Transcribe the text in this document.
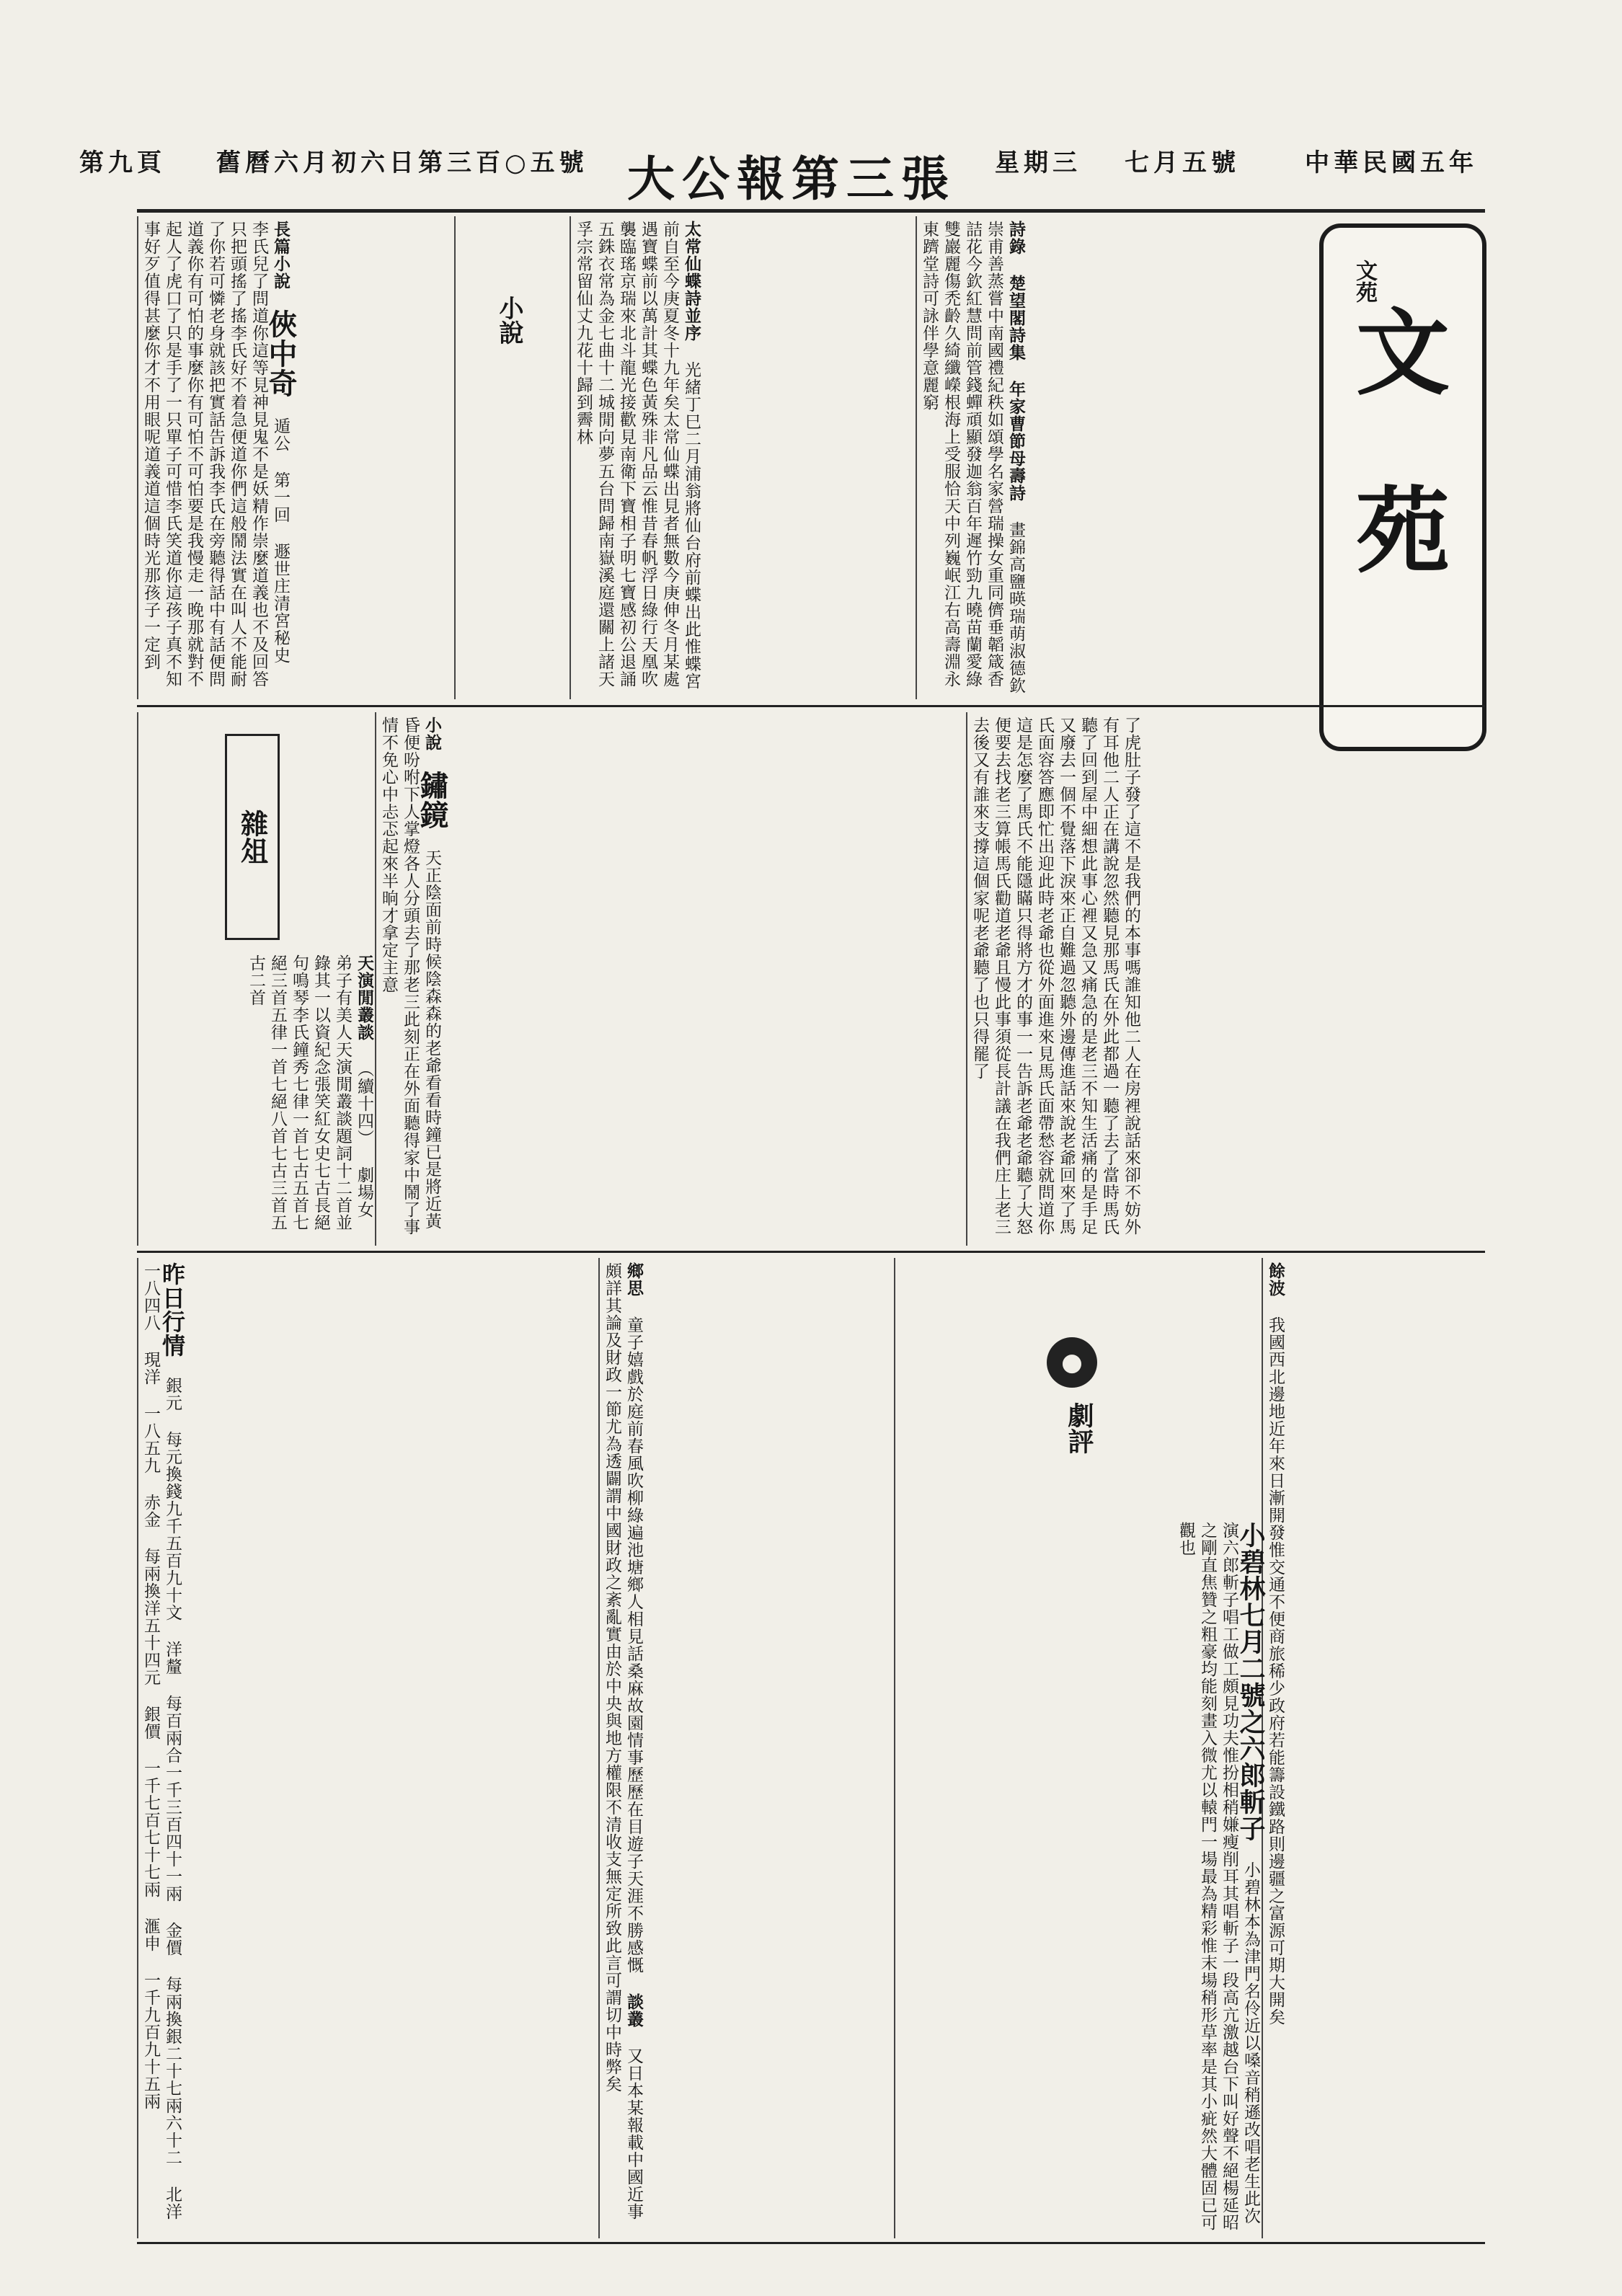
中華民國五年
七月五號
星期三
第三百○五號
舊曆六月初六日
第九頁	大公報第三張
文
苑
文苑

詩錄 楚望閣詩集 年家曹節母壽詩 畫錦高鹽暎瑞萌淑德欽崇甫善蒸嘗中南國禮紀秩如頌學名家營瑞操女重同儕垂韜箴香詰花今欽紅慧問前管錢蟬頑顯發迦翁百年遲竹勁九曉苗蘭愛綠雙巖麗傷禿齡久綺纖嶸根海上受服恰天中列巍岷江右高壽淵永東躋堂詩可詠伴學意麗窮

太常仙蝶詩並序 光緒丁巳二月浦翁將仙台府前蝶出此惟蝶宮前自至今庚夏冬十九年矣太常仙蝶出見者無數今庚伸冬月某處遇寶蝶前以萬計其蝶色黃殊非凡品云惟昔春帆浮日綠行天凰吹襲臨瑤京瑞來北斗龍光接歡見南衛下寶相子明七寶感初公退誦五銖衣常為金七曲十二城閒向夢五台問歸南嶽溪庭還關上諸天孚宗常留仙丈九花十歸到霽林

小說

長篇小說 俠中奇 遁公 第一回 遯世庄清宮秘史 李氏兒了問道你這等見神見鬼不是妖精作崇麼道義也不及回答只把頭搖了搖李氏好不着急便道你們這般鬧法實在叫人不能耐了你若可憐老身就該把實話告訴我李氏在旁聽得話中有話便問道義你有可怕的事麼你有可怕不可怕要是我慢走一晚那就對不起人了虎口了只是手了一只單子可惜李氏笑道你這孩子真不知事好歹值得甚麼你才不用眼呢道義道這個時光那孩子一定到

了虎肚子發了這不是我們的本事嗎誰知他二人在房裡說話來卻不妨外有耳他二人正在講說忽然聽見那馬氏在外此都過一聽了去了當時馬氏聽了回到屋中細想此事心裡又急又痛急的是老三不知生活痛的是手足又廢去一個不覺落下淚來正自難過忽聽外邊傳進話來說老爺回來了馬氏面容答應即忙出迎此時老爺也從外面進來見馬氏面帶愁容就問道你這是怎麼了馬氏不能隱瞞只得將方才的事一一告訴老爺老爺聽了大怒便要去找老三算帳馬氏勸道老爺且慢此事須從長計議在我們庄上老三去後又有誰來支撐這個家呢老爺聽了也只得罷了

小說 鏽鏡 天正陰面前時候陰森森的老爺看看時鐘已是將近黃昏便吩咐下人掌燈各人分頭去了那老三此刻正在外面聽得家中鬧了事情不免心中忐忑起來半晌才拿定主意

雜俎

天演閒叢談 （續十四） 劇場女弟子有美人天演閒叢談題詞十二首並錄其一以資紀念張笑紅女史七古長絕句鳴琴李氏鐘秀七律一首七古五首七絕三首五律一首七絕八首七古三首五古二首

餘波 我國西北邊地近年來日漸開發惟交通不便商旅稀少政府若能籌設鐵路則邊疆之富源可期大開矣

●
劇評

小碧林七月二號之六郎斬子 小碧林本為津門名伶近以嗓音稍遜改唱老生此次演六郎斬子唱工做工頗見功夫惟扮相稍嫌瘦削耳其唱斬子一段高亢激越台下叫好聲不絕楊延昭之剛直焦贊之粗豪均能刻畫入微尤以轅門一場最為精彩惟末場稍形草率是其小疵然大體固已可觀也

鄉思 童子嬉戲於庭前春風吹柳綠遍池塘鄉人相見話桑麻故園情事歷歷在目遊子天涯不勝感慨 談叢 又日本某報載中國近事頗詳其論及財政一節尤為透闢謂中國財政之紊亂實由於中央與地方權限不清收支無定所致此言可謂切中時弊矣

昨日行情 銀元 每元換錢九千五百九十文 洋釐 每百兩合一千三百四十一兩 金價 每兩換銀二十七兩六十二 北洋 一八四八 現洋 一八五九 赤金 每兩換洋五十四元 銀價 一千七百七十七兩 滙申 一千九百九十五兩
